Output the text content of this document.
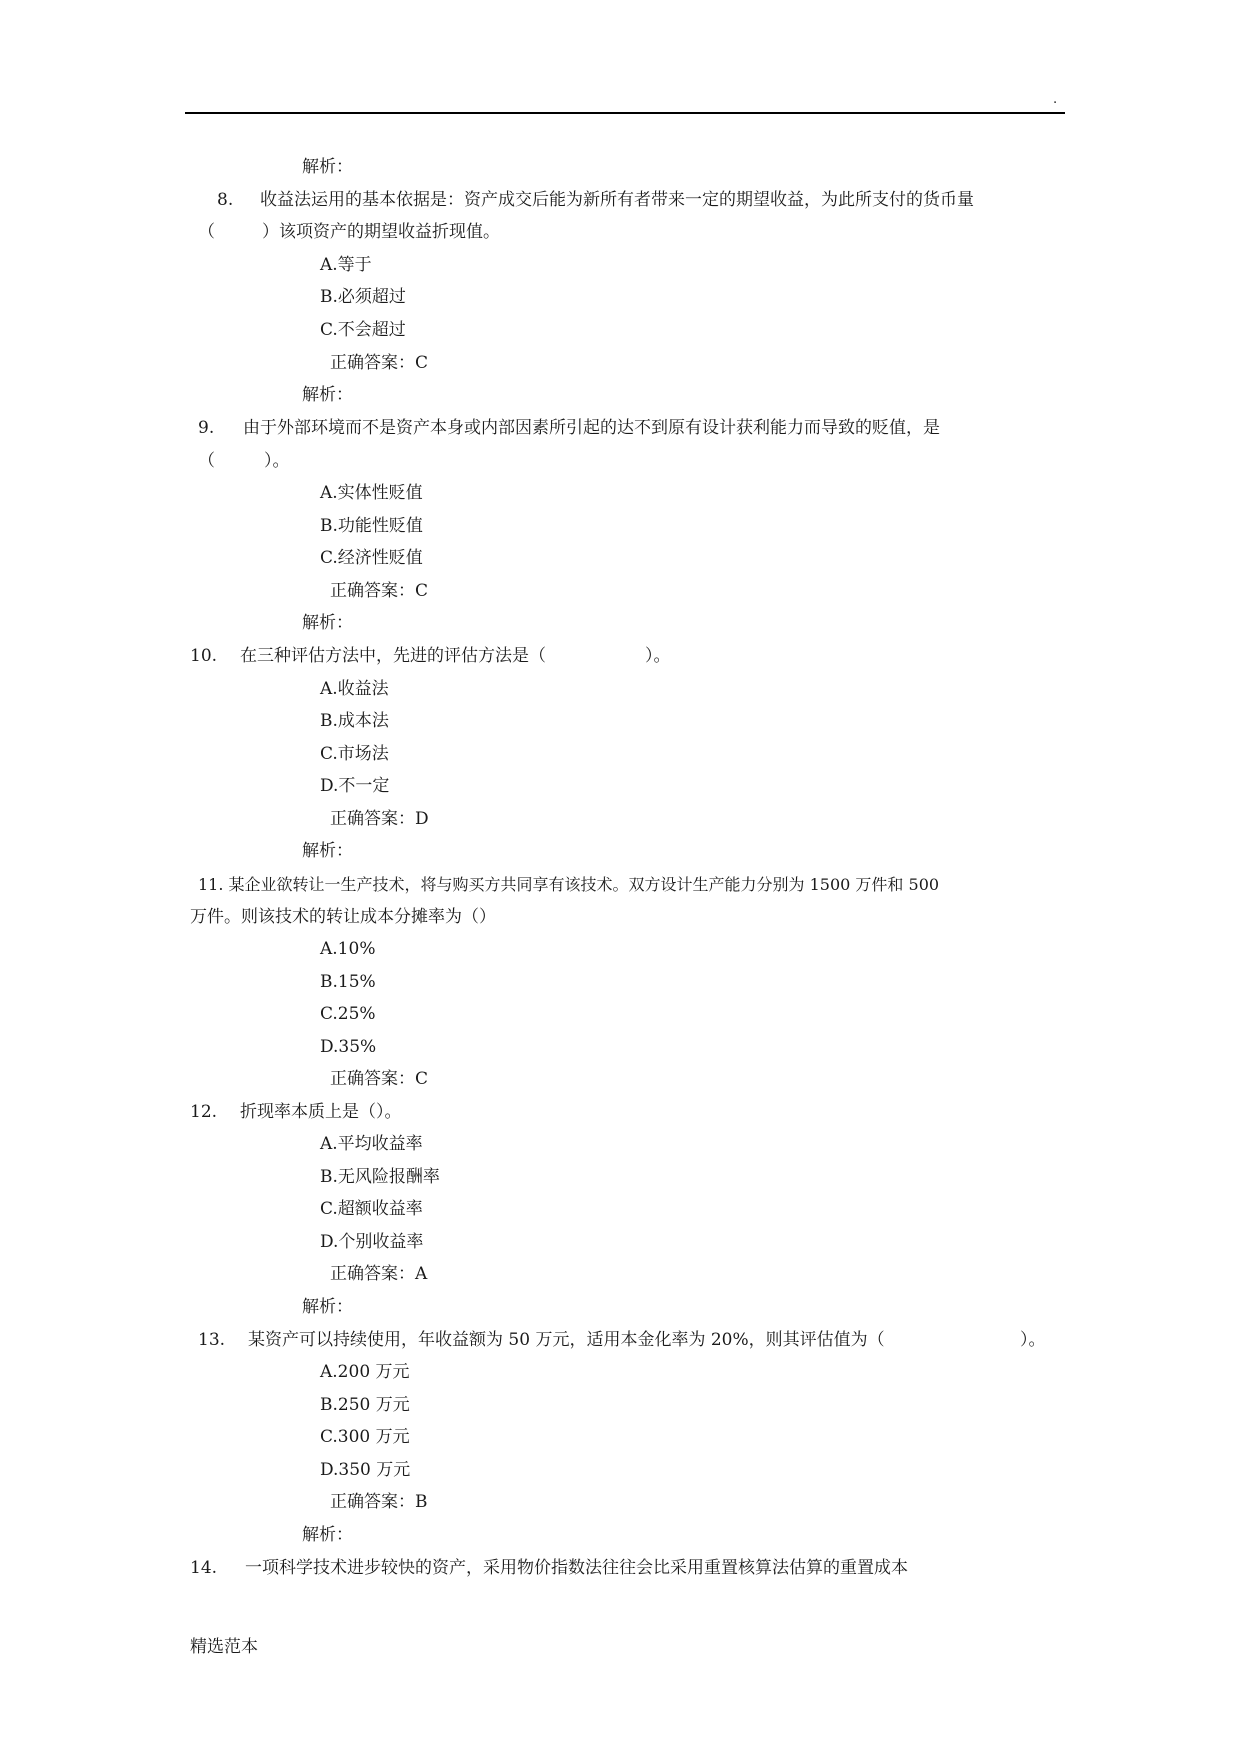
.
解析：
8. 收益法运用的基本依据是：资产成交后能为新所有者带来一定的期望收益，为此所支付的货币量
（	）该项资产的期望收益折现值。
A.等于
B.必须超过
C.不会超过
正确答案：C
解析：
9. 由于外部环境而不是资产本身或内部因素所引起的达不到原有设计获利能力而导致的贬值，是
（	）。
A.实体性贬值
B.功能性贬值
C.经济性贬值
正确答案：C
解析：
10. 在三种评估方法中，先进的评估方法是（	）。
A.收益法
B.成本法
C.市场法
D.不一定
正确答案：D
解析：
11. 某企业欲转让一生产技术，将与购买方共同享有该技术。双方设计生产能力分别为 1500 万件和 500
万件。则该技术的转让成本分摊率为（）
A.10%
B.15%
C.25%
D.35%
正确答案：C
12. 折现率本质上是（）。
A.平均收益率
B.无风险报酬率
C.超额收益率
D.个别收益率
正确答案：A
解析：
13. 某资产可以持续使用，年收益额为 50 万元，适用本金化率为 20%，则其评估值为（	）。
A.200 万元
B.250 万元
C.300 万元
D.350 万元
正确答案：B
解析：
14. 一项科学技术进步较快的资产，采用物价指数法往往会比采用重置核算法估算的重置成本
精选范本
